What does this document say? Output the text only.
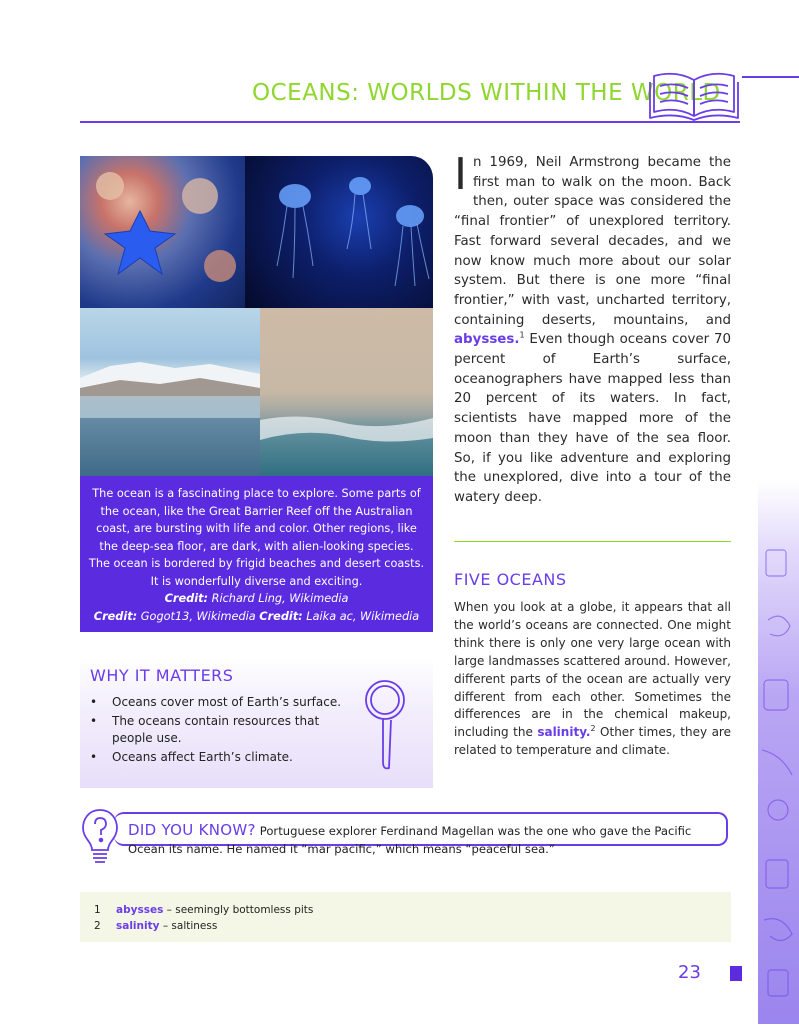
OCEANS: WORLDS WITHIN THE WORLD

The ocean is a fascinating place to explore. Some parts of the ocean, like the Great Barrier Reef off the Australian coast, are bursting with life and color. Other regions, like the deep-sea floor, are dark, with alien-looking species. The ocean is bordered by frigid beaches and desert coasts. It is wonderfully diverse and exciting.

Credit: Richard Ling, Wikimedia

Credit: Gogot13, Wikimedia Credit: Laika ac, Wikimedia

WHY IT MATTERS
• Oceans cover most of Earth’s surface.
• The oceans contain resources that people use.
• Oceans affect Earth’s climate.

In 1969, Neil Armstrong became the first man to walk on the moon. Back then, outer space was considered the “final frontier” of unexplored territory. Fast forward several decades, and we now know much more about our solar system. But there is one more “final frontier,” with vast, uncharted territory, containing deserts, mountains, and abysses.$^1$ Even though oceans cover 70 percent of Earth’s surface, oceanographers have mapped less than 20 percent of its waters. In fact, scientists have mapped more of the moon than they have of the sea floor. So, if you like adventure and exploring the unexplored, dive into a tour of the watery deep.

FIVE OCEANS

When you look at a globe, it appears that all the world’s oceans are connected. One might think there is only one very large ocean with large landmasses scattered around. However, different parts of the ocean are actually very different from each other. Sometimes the differences are in the chemical makeup, including the salinity.$^2$ Other times, they are related to temperature and climate.

DID YOU KNOW? Portuguese explorer Ferdinand Magellan was the one who gave the Pacific Ocean its name. He named it “mar pacific,” which means “peaceful sea.”
1 abysses – seemingly bottomless pits
2 salinity – saltiness
23
